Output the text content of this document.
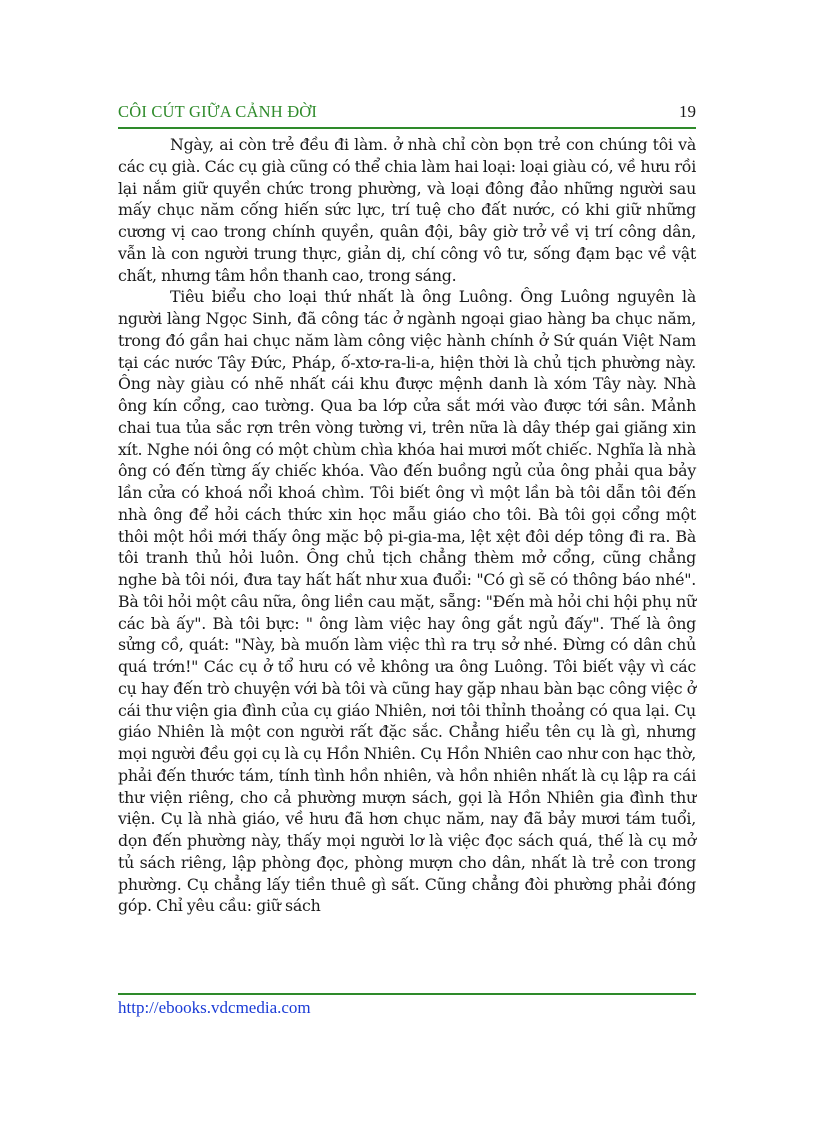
CÔI CÚT GIỮA CẢNH ĐỜI	19

Ngày, ai còn trẻ đều đi làm. ở nhà chỉ còn bọn trẻ con chúng tôi và các cụ già. Các cụ già cũng có thể chia làm hai loại: loại giàu có, về hưu rồi lại nắm giữ quyền chức trong phường, và loại đông đảo những người sau mấy chục năm cống hiến sức lực, trí tuệ cho đất nước, có khi giữ những cương vị cao trong chính quyền, quân đội, bây giờ trở về vị trí công dân, vẫn là con người trung thực, giản dị, chí công vô tư, sống đạm bạc về vật chất, nhưng tâm hồn thanh cao, trong sáng.

Tiêu biểu cho loại thứ nhất là ông Luông. Ông Luông nguyên là người làng Ngọc Sinh, đã công tác ở ngành ngoại giao hàng ba chục năm, trong đó gần hai chục năm làm công việc hành chính ở Sứ quán Việt Nam tại các nước Tây Đức, Pháp, ố-xtơ-ra-li-a, hiện thời là chủ tịch phường này. Ông này giàu có nhẽ nhất cái khu được mệnh danh là xóm Tây này. Nhà ông kín cổng, cao tường. Qua ba lớp cửa sắt mới vào được tới sân. Mảnh chai tua tủa sắc rợn trên vòng tường vi, trên nữa là dây thép gai giăng xin xít. Nghe nói ông có một chùm chìa khóa hai mươi mốt chiếc. Nghĩa là nhà ông có đến từng ấy chiếc khóa. Vào đến buồng ngủ của ông phải qua bảy lần cửa có khoá nổi khoá chìm. Tôi biết ông vì một lần bà tôi dẫn tôi đến nhà ông để hỏi cách thức xin học mẫu giáo cho tôi. Bà tôi gọi cổng một thôi một hồi mới thấy ông mặc bộ pi-gia-ma, lệt xệt đôi dép tông đi ra. Bà tôi tranh thủ hỏi luôn. Ông chủ tịch chẳng thèm mở cổng, cũng chẳng nghe bà tôi nói, đưa tay hất hất như xua đuổi: "Có gì sẽ có thông báo nhé". Bà tôi hỏi một câu nữa, ông liền cau mặt, sẵng: "Đến mà hỏi chi hội phụ nữ các bà ấy". Bà tôi bực: " ông làm việc hay ông gắt ngủ đấy". Thế là ông sửng cồ, quát: "Này, bà muốn làm việc thì ra trụ sở nhé. Đừng có dân chủ quá trớn!" Các cụ ở tổ hưu có vẻ không ưa ông Luông. Tôi biết vậy vì các cụ hay đến trò chuyện với bà tôi và cũng hay gặp nhau bàn bạc công việc ở cái thư viện gia đình của cụ giáo Nhiên, nơi tôi thỉnh thoảng có qua lại. Cụ giáo Nhiên là một con người rất đặc sắc. Chẳng hiểu tên cụ là gì, nhưng mọi người đều gọi cụ là cụ Hồn Nhiên. Cụ Hồn Nhiên cao như con hạc thờ, phải đến thước tám, tính tình hồn nhiên, và hồn nhiên nhất là cụ lập ra cái thư viện riêng, cho cả phường mượn sách, gọi là Hồn Nhiên gia đình thư viện. Cụ là nhà giáo, về hưu đã hơn chục năm, nay đã bảy mươi tám tuổi, dọn đến phường này, thấy mọi người lơ là việc đọc sách quá, thế là cụ mở tủ sách riêng, lập phòng đọc, phòng mượn cho dân, nhất là trẻ con trong phường. Cụ chẳng lấy tiền thuê gì sất. Cũng chẳng đòi phường phải đóng góp. Chỉ yêu cầu: giữ sách

http://ebooks.vdcmedia.com
